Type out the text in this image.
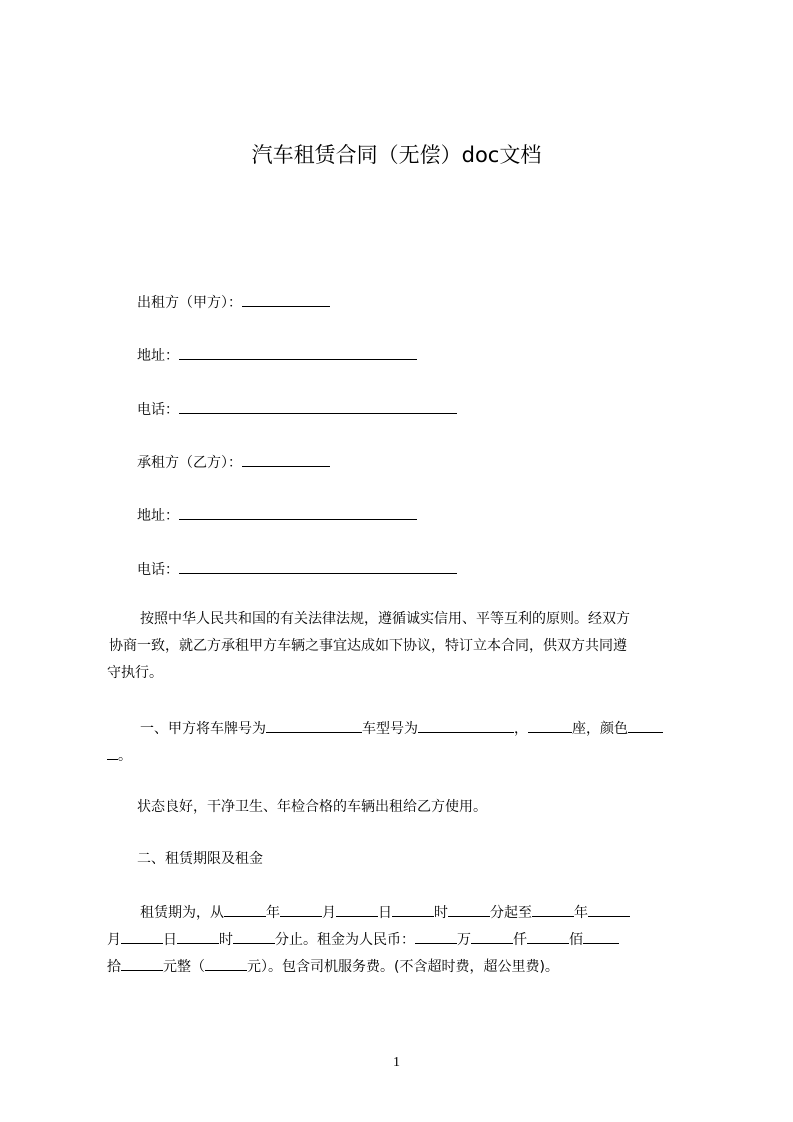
汽车租赁合同（无偿）doc文档
出租方（甲方）：
地址：
电话：
承租方（乙方）：
地址：
电话：
按照中华人民共和国的有关法律法规，遵循诚实信用、平等互利的原则。经双方
协商一致，就乙方承租甲方车辆之事宜达成如下协议，特订立本合同，供双方共同遵
守执行。
一、甲方将车牌号为	车型号为	，	座，颜色
。
状态良好，干净卫生、年检合格的车辆出租给乙方使用。
二、租赁期限及租金
租赁期为，从	年	月	日	时	分起至	年
月	日	时	分止。租金为人民币：	万	仟	佰
拾	元整（	元）。包含司机服务费。(不含超时费，超公里费)。
1
